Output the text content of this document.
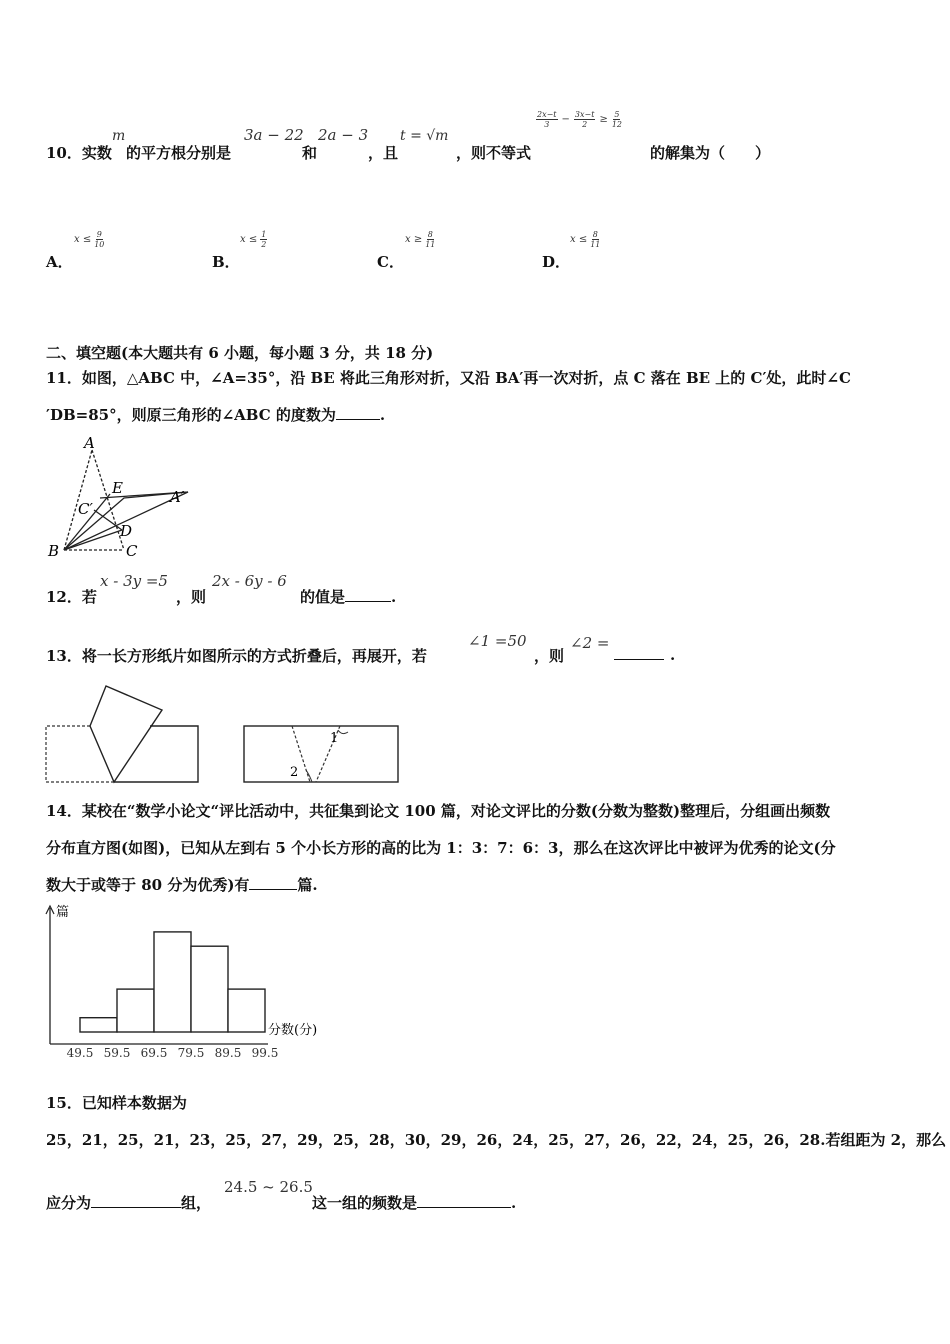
10．实数
m
的平方根分别是
3a − 22
和
2a − 3
，且
t = √m
，则不等式
$\frac{2x-t}{3} - \frac{3x-t}{2} \ge \frac{5}{12}$
的解集为（　　）
$x \le \frac{9}{10}$
A．
$x \le \frac{1}{2}$
B．
$x \ge \frac{8}{11}$
C．
$x \le \frac{8}{11}$
D．
二、填空题(本大题共有 6 小题，每小题 3 分，共 18 分)
11．如图，△ABC 中，∠A=35°，沿 BE 将此三角形对折，又沿 BA′再一次对折，点 C 落在 BE 上的 C′处，此时∠C
′DB=85°，则原三角形的∠ABC 的度数为	.
A
E	A′
C′
D
B	C
12．若
x - 3y =5
，则
2x - 6y - 6
的值是	.
13．将一长方形纸片如图所示的方式折叠后，再展开，若
∠1 =50
，则
∠2 =
.
1
2
14．某校在“数学小论文“评比活动中，共征集到论文 100 篇，对论文评比的分数(分数为整数)整理后，分组画出频数
分布直方图(如图)，已知从左到右 5 个小长方形的高的比为 1：3：7：6：3，那么在这次评比中被评为优秀的论文(分
数大于或等于 80 分为优秀)有	篇.
篇
分数(分)
49.5 59.5 69.5 79.5 89.5 99.5
15．已知样本数据为
25，21，25，21，23，25，27，29，25，28，30，29，26，24，25，27，26，22，24，25，26，28.若组距为 2，那么
应分为	组，
24.5 ~ 26.5
这一组的频数是	.
